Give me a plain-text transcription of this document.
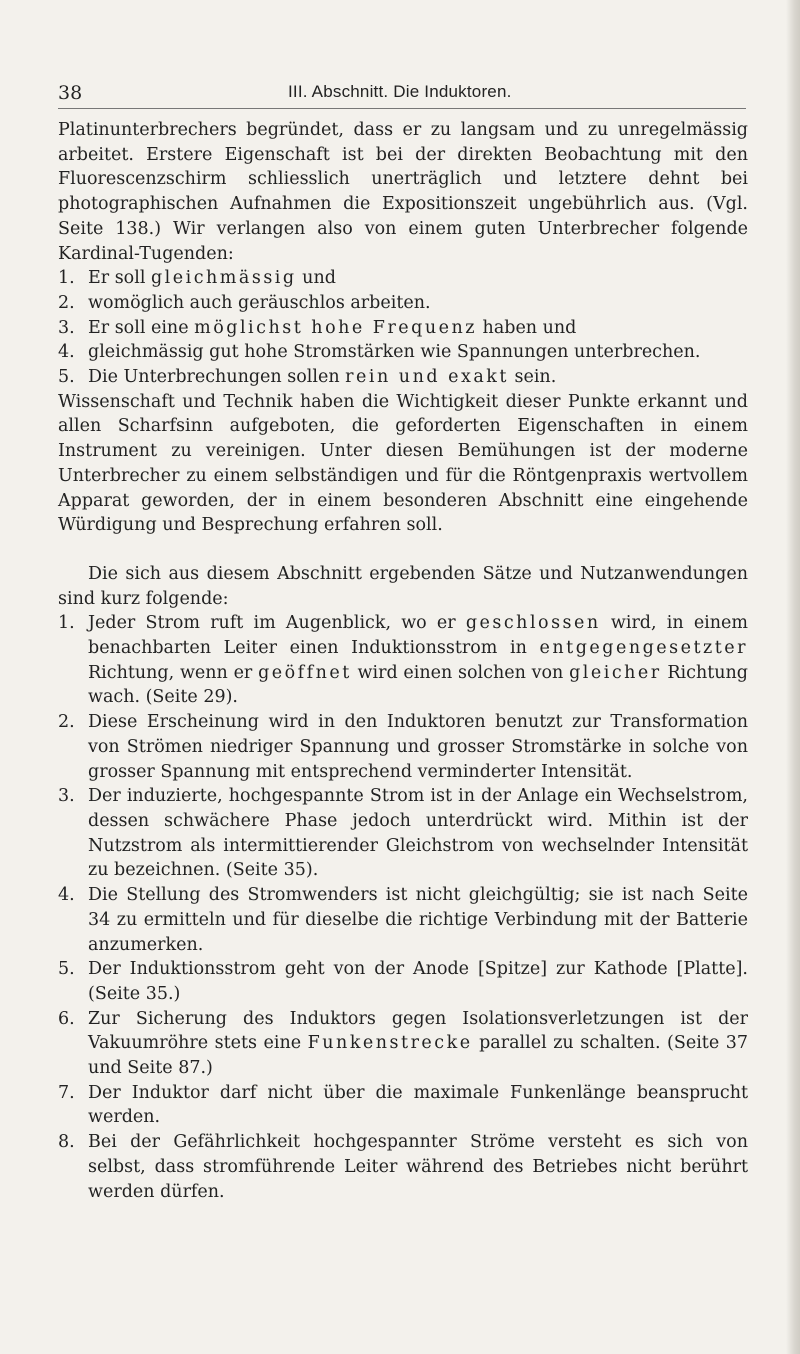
38	III. Abschnitt. Die Induktoren.

Platinunterbrechers begründet, dass er zu langsam und zu unregelmässig arbeitet. Erstere Eigenschaft ist bei der direkten Beobachtung mit den Fluorescenzschirm schliesslich unerträglich und letztere dehnt bei photographischen Aufnahmen die Expositionszeit ungebührlich aus. (Vgl. Seite 138.) Wir verlangen also von einem guten Unterbrecher folgende Kardinal-Tugenden:

1. Er soll gleichmässig und
2. womöglich auch geräuschlos arbeiten.
3. Er soll eine möglichst hohe Frequenz haben und
4. gleichmässig gut hohe Stromstärken wie Spannungen unterbrechen.
5. Die Unterbrechungen sollen rein und exakt sein.

Wissenschaft und Technik haben die Wichtigkeit dieser Punkte erkannt und allen Scharfsinn aufgeboten, die geforderten Eigenschaften in einem Instrument zu vereinigen. Unter diesen Bemühungen ist der moderne Unterbrecher zu einem selbständigen und für die Röntgenpraxis wertvollem Apparat geworden, der in einem besonderen Abschnitt eine eingehende Würdigung und Besprechung erfahren soll.

Die sich aus diesem Abschnitt ergebenden Sätze und Nutzanwendungen sind kurz folgende:

1. Jeder Strom ruft im Augenblick, wo er geschlossen wird, in einem benachbarten Leiter einen Induktionsstrom in entgegengesetzter Richtung, wenn er geöffnet wird einen solchen von gleicher Richtung wach. (Seite 29).
2. Diese Erscheinung wird in den Induktoren benutzt zur Transformation von Strömen niedriger Spannung und grosser Stromstärke in solche von grosser Spannung mit entsprechend verminderter Intensität.
3. Der induzierte, hochgespannte Strom ist in der Anlage ein Wechselstrom, dessen schwächere Phase jedoch unterdrückt wird. Mithin ist der Nutzstrom als intermittierender Gleichstrom von wechselnder Intensität zu bezeichnen. (Seite 35).
4. Die Stellung des Stromwenders ist nicht gleichgültig; sie ist nach Seite 34 zu ermitteln und für dieselbe die richtige Verbindung mit der Batterie anzumerken.
5. Der Induktionsstrom geht von der Anode [Spitze] zur Kathode [Platte]. (Seite 35.)
6. Zur Sicherung des Induktors gegen Isolationsverletzungen ist der Vakuumröhre stets eine Funkenstrecke parallel zu schalten. (Seite 37 und Seite 87.)
7. Der Induktor darf nicht über die maximale Funkenlänge beansprucht werden.
8. Bei der Gefährlichkeit hochgespannter Ströme versteht es sich von selbst, dass stromführende Leiter während des Betriebes nicht berührt werden dürfen.
